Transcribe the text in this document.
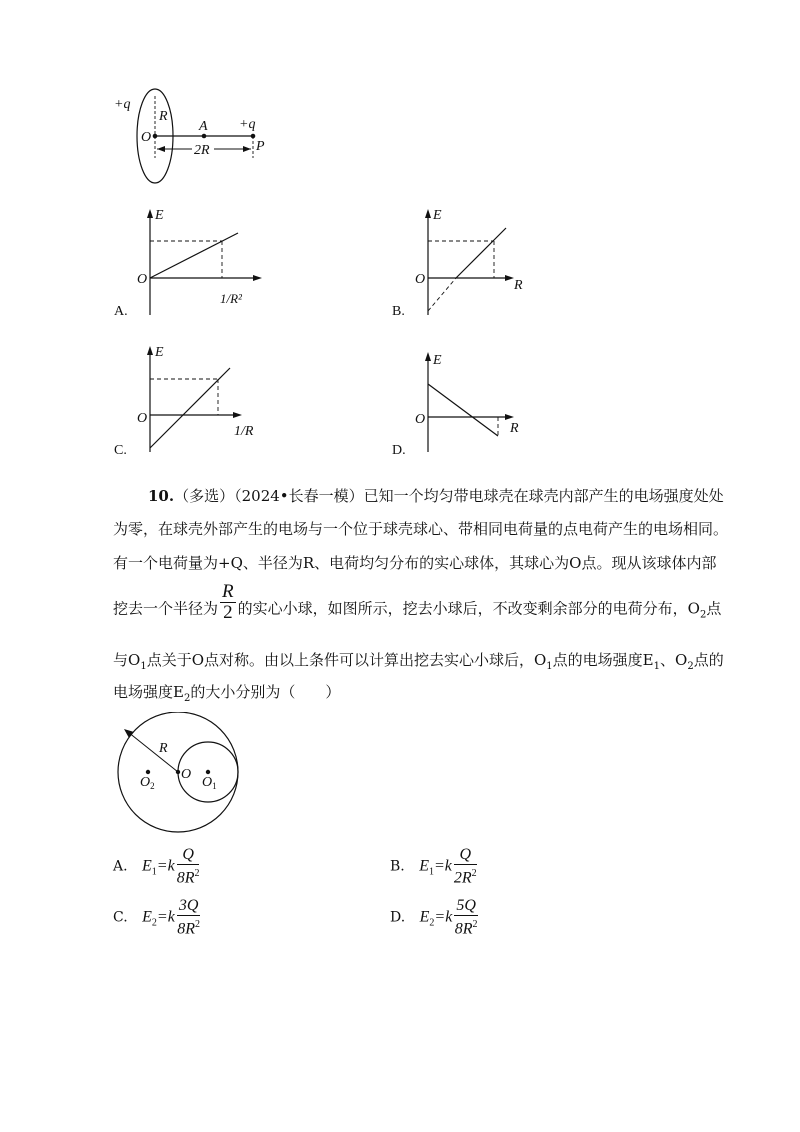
+q
R
O
A +q
2R	P
E
O
1/R²
A.
E
O	R
B.
E
O
1/R
C.
E
O
R
D.
10.（多选）（2024•长春一模）已知一个均匀带电球壳在球壳内部产生的电场强度处处
为零，在球壳外部产生的电场与一个位于球壳球心、带相同电荷量的点电荷产生的电场相同。
有一个电荷量为+Q、半径为R、电荷均匀分布的实心球体，其球心为O点。现从该球体内部
挖去一个半径为 $\frac{R}{2}$ 的实心小球，如图所示，挖去小球后，不改变剩余部分的电荷分布，$O_2$点
与$O_1$点关于O点对称。由以上条件可以计算出挖去实心小球后，$O_1$点的电场强度$E_1$、$O_2$点的
电场强度$E_2$的大小分别为（　　）
R
O
$O_2$	$O_1$
A. $E_1=k \frac{Q}{8R^2}$	B. $E_1=k \frac{Q}{2R^2}$
C. $E_2=k \frac{3Q}{8R^2}$	D. $E_2=k \frac{5Q}{8R^2}$
